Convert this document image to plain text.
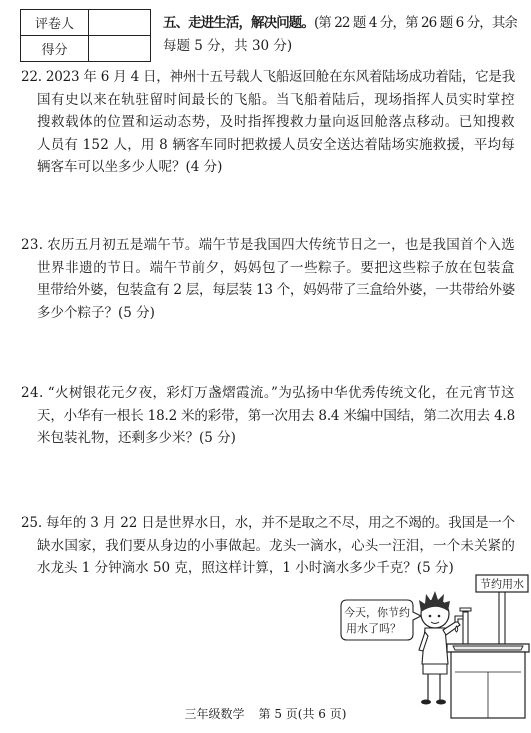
评卷人	
得分	
五、走进生活，解决问题。(第 22 题 4 分，第 26 题 6 分，其余
每题 5 分，共 30 分)
22. 2023 年 6 月 4 日，神州十五号载人飞船返回舱在东风着陆场成功着陆，它是我
国有史以来在轨驻留时间最长的飞船。当飞船着陆后，现场指挥人员实时掌控
搜救载体的位置和运动态势，及时指挥搜救力量向返回舱落点移动。已知搜救
人员有 152 人，用 8 辆客车同时把救援人员安全送达着陆场实施救援，平均每
辆客车可以坐多少人呢？(4 分)
23. 农历五月初五是端午节。端午节是我国四大传统节日之一，也是我国首个入选
世界非遗的节日。端午节前夕，妈妈包了一些粽子。要把这些粽子放在包装盒
里带给外婆，包装盒有 2 层，每层装 13 个，妈妈带了三盒给外婆，一共带给外婆
多少个粽子？(5 分)
24. “火树银花元夕夜，彩灯万盏熠霞流。”为弘扬中华优秀传统文化，在元宵节这
天，小华有一根长 18.2 米的彩带，第一次用去 8.4 米编中国结，第二次用去 4.8
米包装礼物，还剩多少米？(5 分)
25. 每年的 3 月 22 日是世界水日，水，并不是取之不尽，用之不竭的。我国是一个
缺水国家，我们要从身边的小事做起。龙头一滴水，心头一汪泪，一个未关紧的
水龙头 1 分钟滴水 50 克，照这样计算，1 小时滴水多少千克？(5 分)
节约用水
今天，你节约
用水了吗？
三年级数学 第 5 页(共 6 页)
